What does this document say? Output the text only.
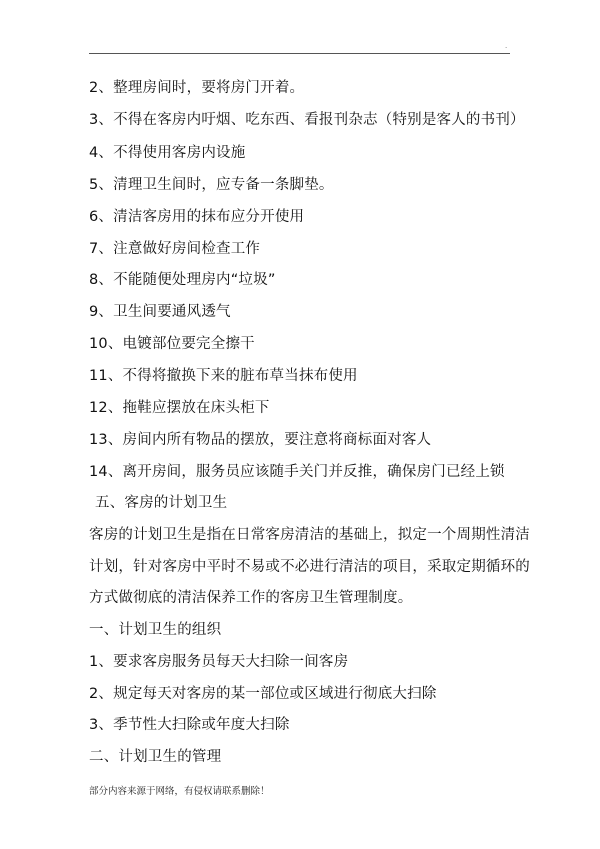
.
2、整理房间时，要将房门开着。
3、不得在客房内吁烟、吃东西、看报刊杂志（特别是客人的书刊）
4、不得使用客房内设施
5、清理卫生间时，应专备一条脚垫。
6、清洁客房用的抹布应分开使用
7、注意做好房间检查工作
8、不能随便处理房内“垃圾”
9、卫生间要通风透气
10、电镀部位要完全擦干
11、不得将撤换下来的脏布草当抹布使用
12、拖鞋应摆放在床头柜下
13、房间内所有物品的摆放，要注意将商标面对客人
14、离开房间，服务员应该随手关门并反推，确保房门已经上锁
五、客房的计划卫生
客房的计划卫生是指在日常客房清洁的基础上，拟定一个周期性清洁
计划，针对客房中平时不易或不必进行清洁的项目，采取定期循环的
方式做彻底的清洁保养工作的客房卫生管理制度。
一、计划卫生的组织
1、要求客房服务员每天大扫除一间客房
2、规定每天对客房的某一部位或区域进行彻底大扫除
3、季节性大扫除或年度大扫除
二、计划卫生的管理
部分内容来源于网络，有侵权请联系删除！
